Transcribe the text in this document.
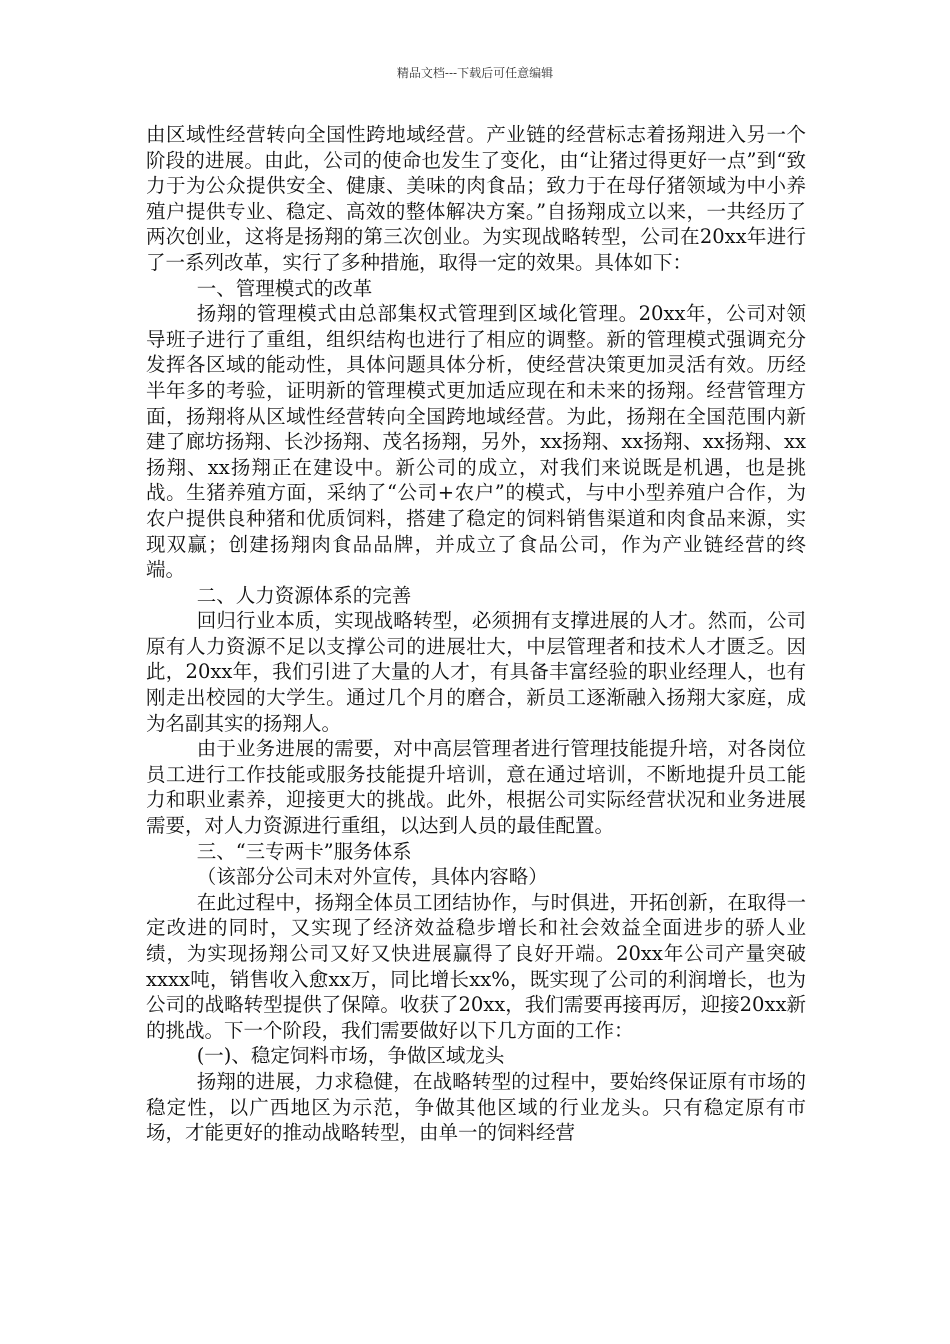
精品文档---下载后可任意编辑

由区域性经营转向全国性跨地域经营。产业链的经营标志着扬翔进入另一个阶段的进展。由此，公司的使命也发生了变化，由“让猪过得更好一点”到“致力于为公众提供安全、健康、美味的肉食品；致力于在母仔猪领域为中小养殖户提供专业、稳定、高效的整体解决方案。”自扬翔成立以来，一共经历了两次创业，这将是扬翔的第三次创业。为实现战略转型，公司在20xx年进行了一系列改革，实行了多种措施，取得一定的效果。具体如下：

一、管理模式的改革

扬翔的管理模式由总部集权式管理到区域化管理。20xx年，公司对领导班子进行了重组，组织结构也进行了相应的调整。新的管理模式强调充分发挥各区域的能动性，具体问题具体分析，使经营决策更加灵活有效。历经半年多的考验，证明新的管理模式更加适应现在和未来的扬翔。经营管理方面，扬翔将从区域性经营转向全国跨地域经营。为此，扬翔在全国范围内新建了廊坊扬翔、长沙扬翔、茂名扬翔，另外，xx扬翔、xx扬翔、xx扬翔、xx扬翔、xx扬翔正在建设中。新公司的成立，对我们来说既是机遇，也是挑战。生猪养殖方面，采纳了“公司+农户”的模式，与中小型养殖户合作，为农户提供良种猪和优质饲料，搭建了稳定的饲料销售渠道和肉食品来源，实现双赢；创建扬翔肉食品品牌，并成立了食品公司，作为产业链经营的终端。

二、人力资源体系的完善

回归行业本质，实现战略转型，必须拥有支撑进展的人才。然而，公司原有人力资源不足以支撑公司的进展壮大，中层管理者和技术人才匮乏。因此，20xx年，我们引进了大量的人才，有具备丰富经验的职业经理人，也有刚走出校园的大学生。通过几个月的磨合，新员工逐渐融入扬翔大家庭，成为名副其实的扬翔人。

由于业务进展的需要，对中高层管理者进行管理技能提升培，对各岗位员工进行工作技能或服务技能提升培训，意在通过培训，不断地提升员工能力和职业素养，迎接更大的挑战。此外，根据公司实际经营状况和业务进展需要，对人力资源进行重组，以达到人员的最佳配置。

三、“三专两卡”服务体系

（该部分公司未对外宣传，具体内容略）

在此过程中，扬翔全体员工团结协作，与时俱进，开拓创新，在取得一定改进的同时，又实现了经济效益稳步增长和社会效益全面进步的骄人业绩，为实现扬翔公司又好又快进展赢得了良好开端。20xx年公司产量突破xxxx吨，销售收入愈xx万，同比增长xx%，既实现了公司的利润增长，也为公司的战略转型提供了保障。收获了20xx，我们需要再接再厉，迎接20xx新的挑战。下一个阶段，我们需要做好以下几方面的工作：

(一)、稳定饲料市场，争做区域龙头

扬翔的进展，力求稳健，在战略转型的过程中，要始终保证原有市场的稳定性，以广西地区为示范，争做其他区域的行业龙头。只有稳定原有市场，才能更好的推动战略转型，由单一的饲料经营
